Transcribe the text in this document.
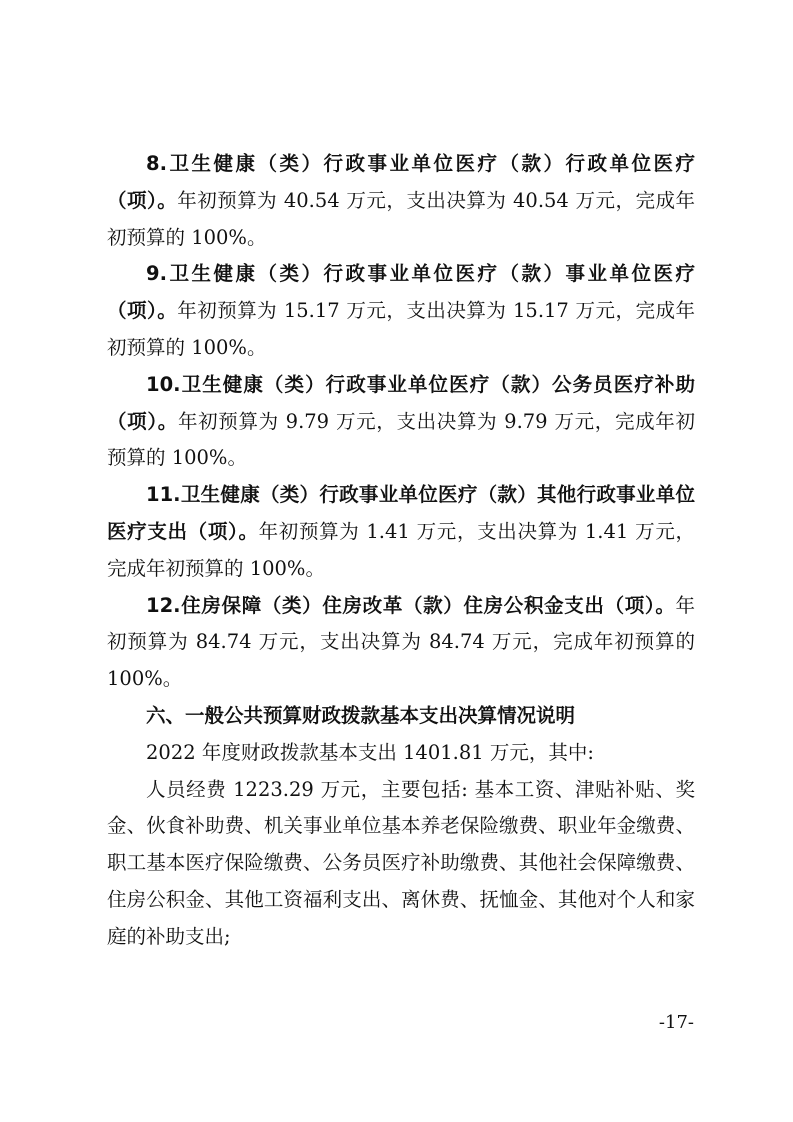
8.卫生健康（类）行政事业单位医疗（款）行政单位医疗（项）。年初预算为 40.54 万元，支出决算为 40.54 万元，完成年初预算的 100%。

9.卫生健康（类）行政事业单位医疗（款）事业单位医疗（项）。年初预算为 15.17 万元，支出决算为 15.17 万元，完成年初预算的 100%。

10.卫生健康（类）行政事业单位医疗（款）公务员医疗补助（项）。年初预算为 9.79 万元，支出决算为 9.79 万元，完成年初预算的 100%。

11.卫生健康（类）行政事业单位医疗（款）其他行政事业单位医疗支出（项）。年初预算为 1.41 万元，支出决算为 1.41 万元，完成年初预算的 100%。

12.住房保障（类）住房改革（款）住房公积金支出（项）。年初预算为 84.74 万元，支出决算为 84.74 万元，完成年初预算的 100%。

六、一般公共预算财政拨款基本支出决算情况说明

2022 年度财政拨款基本支出 1401.81 万元，其中:

人员经费 1223.29 万元，主要包括: 基本工资、津贴补贴、奖金、伙食补助费、机关事业单位基本养老保险缴费、职业年金缴费、职工基本医疗保险缴费、公务员医疗补助缴费、其他社会保障缴费、住房公积金、其他工资福利支出、离休费、抚恤金、其他对个人和家庭的补助支出;

-17-
